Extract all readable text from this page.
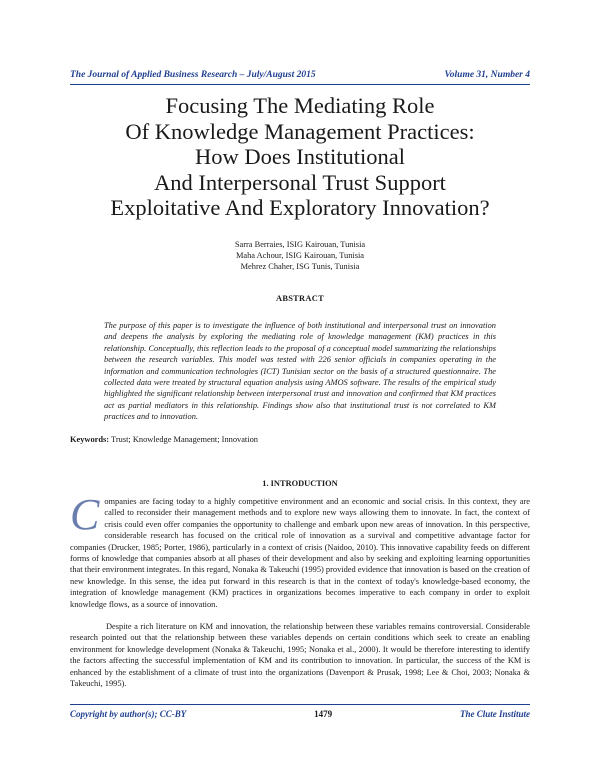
The Journal of Applied Business Research – July/August 2015	Volume 31, Number 4
Focusing The Mediating Role
Of Knowledge Management Practices:
How Does Institutional
And Interpersonal Trust Support
Exploitative And Exploratory Innovation?
Sarra Berraies, ISIG Kairouan, Tunisia
Maha Achour, ISIG Kairouan, Tunisia
Mehrez Chaher, ISG Tunis, Tunisia
ABSTRACT
The purpose of this paper is to investigate the influence of both institutional and interpersonal trust on innovation and deepens the analysis by exploring the mediating role of knowledge management (KM) practices in this relationship. Conceptually, this reflection leads to the proposal of a conceptual model summarizing the relationships between the research variables. This model was tested with 226 senior officials in companies operating in the information and communication technologies (ICT) Tunisian sector on the basis of a structured questionnaire. The collected data were treated by structural equation analysis using AMOS software. The results of the empirical study highlighted the significant relationship between interpersonal trust and innovation and confirmed that KM practices act as partial mediators in this relationship. Findings show also that institutional trust is not correlated to KM practices and to innovation.
Keywords: Trust; Knowledge Management; Innovation
1. INTRODUCTION
C ompanies are facing today to a highly competitive environment and an economic and social crisis. In this context, they are called to reconsider their management methods and to explore new ways allowing them to innovate. In fact, the context of crisis could even offer companies the opportunity to challenge and embark upon new areas of innovation. In this perspective, considerable research has focused on the critical role of innovation as a survival and competitive advantage factor for companies (Drucker, 1985; Porter, 1986), particularly in a context of crisis (Naidoo, 2010). This innovative capability feeds on different forms of knowledge that companies absorb at all phases of their development and also by seeking and exploiting learning opportunities that their environment integrates. In this regard, Nonaka & Takeuchi (1995) provided evidence that innovation is based on the creation of new knowledge. In this sense, the idea put forward in this research is that in the context of today's knowledge-based economy, the integration of knowledge management (KM) practices in organizations becomes imperative to each company in order to exploit knowledge flows, as a source of innovation.

Despite a rich literature on KM and innovation, the relationship between these variables remains controversial. Considerable research pointed out that the relationship between these variables depends on certain conditions which seek to create an enabling environment for knowledge development (Nonaka & Takeuchi, 1995; Nonaka et al., 2000). It would be therefore interesting to identify the factors affecting the successful implementation of KM and its contribution to innovation. In particular, the success of the KM is enhanced by the establishment of a climate of trust into the organizations (Davenport & Prusak, 1998; Lee & Choi, 2003; Nonaka & Takeuchi, 1995).

Copyright by author(s); CC-BY	1479	The Clute Institute
